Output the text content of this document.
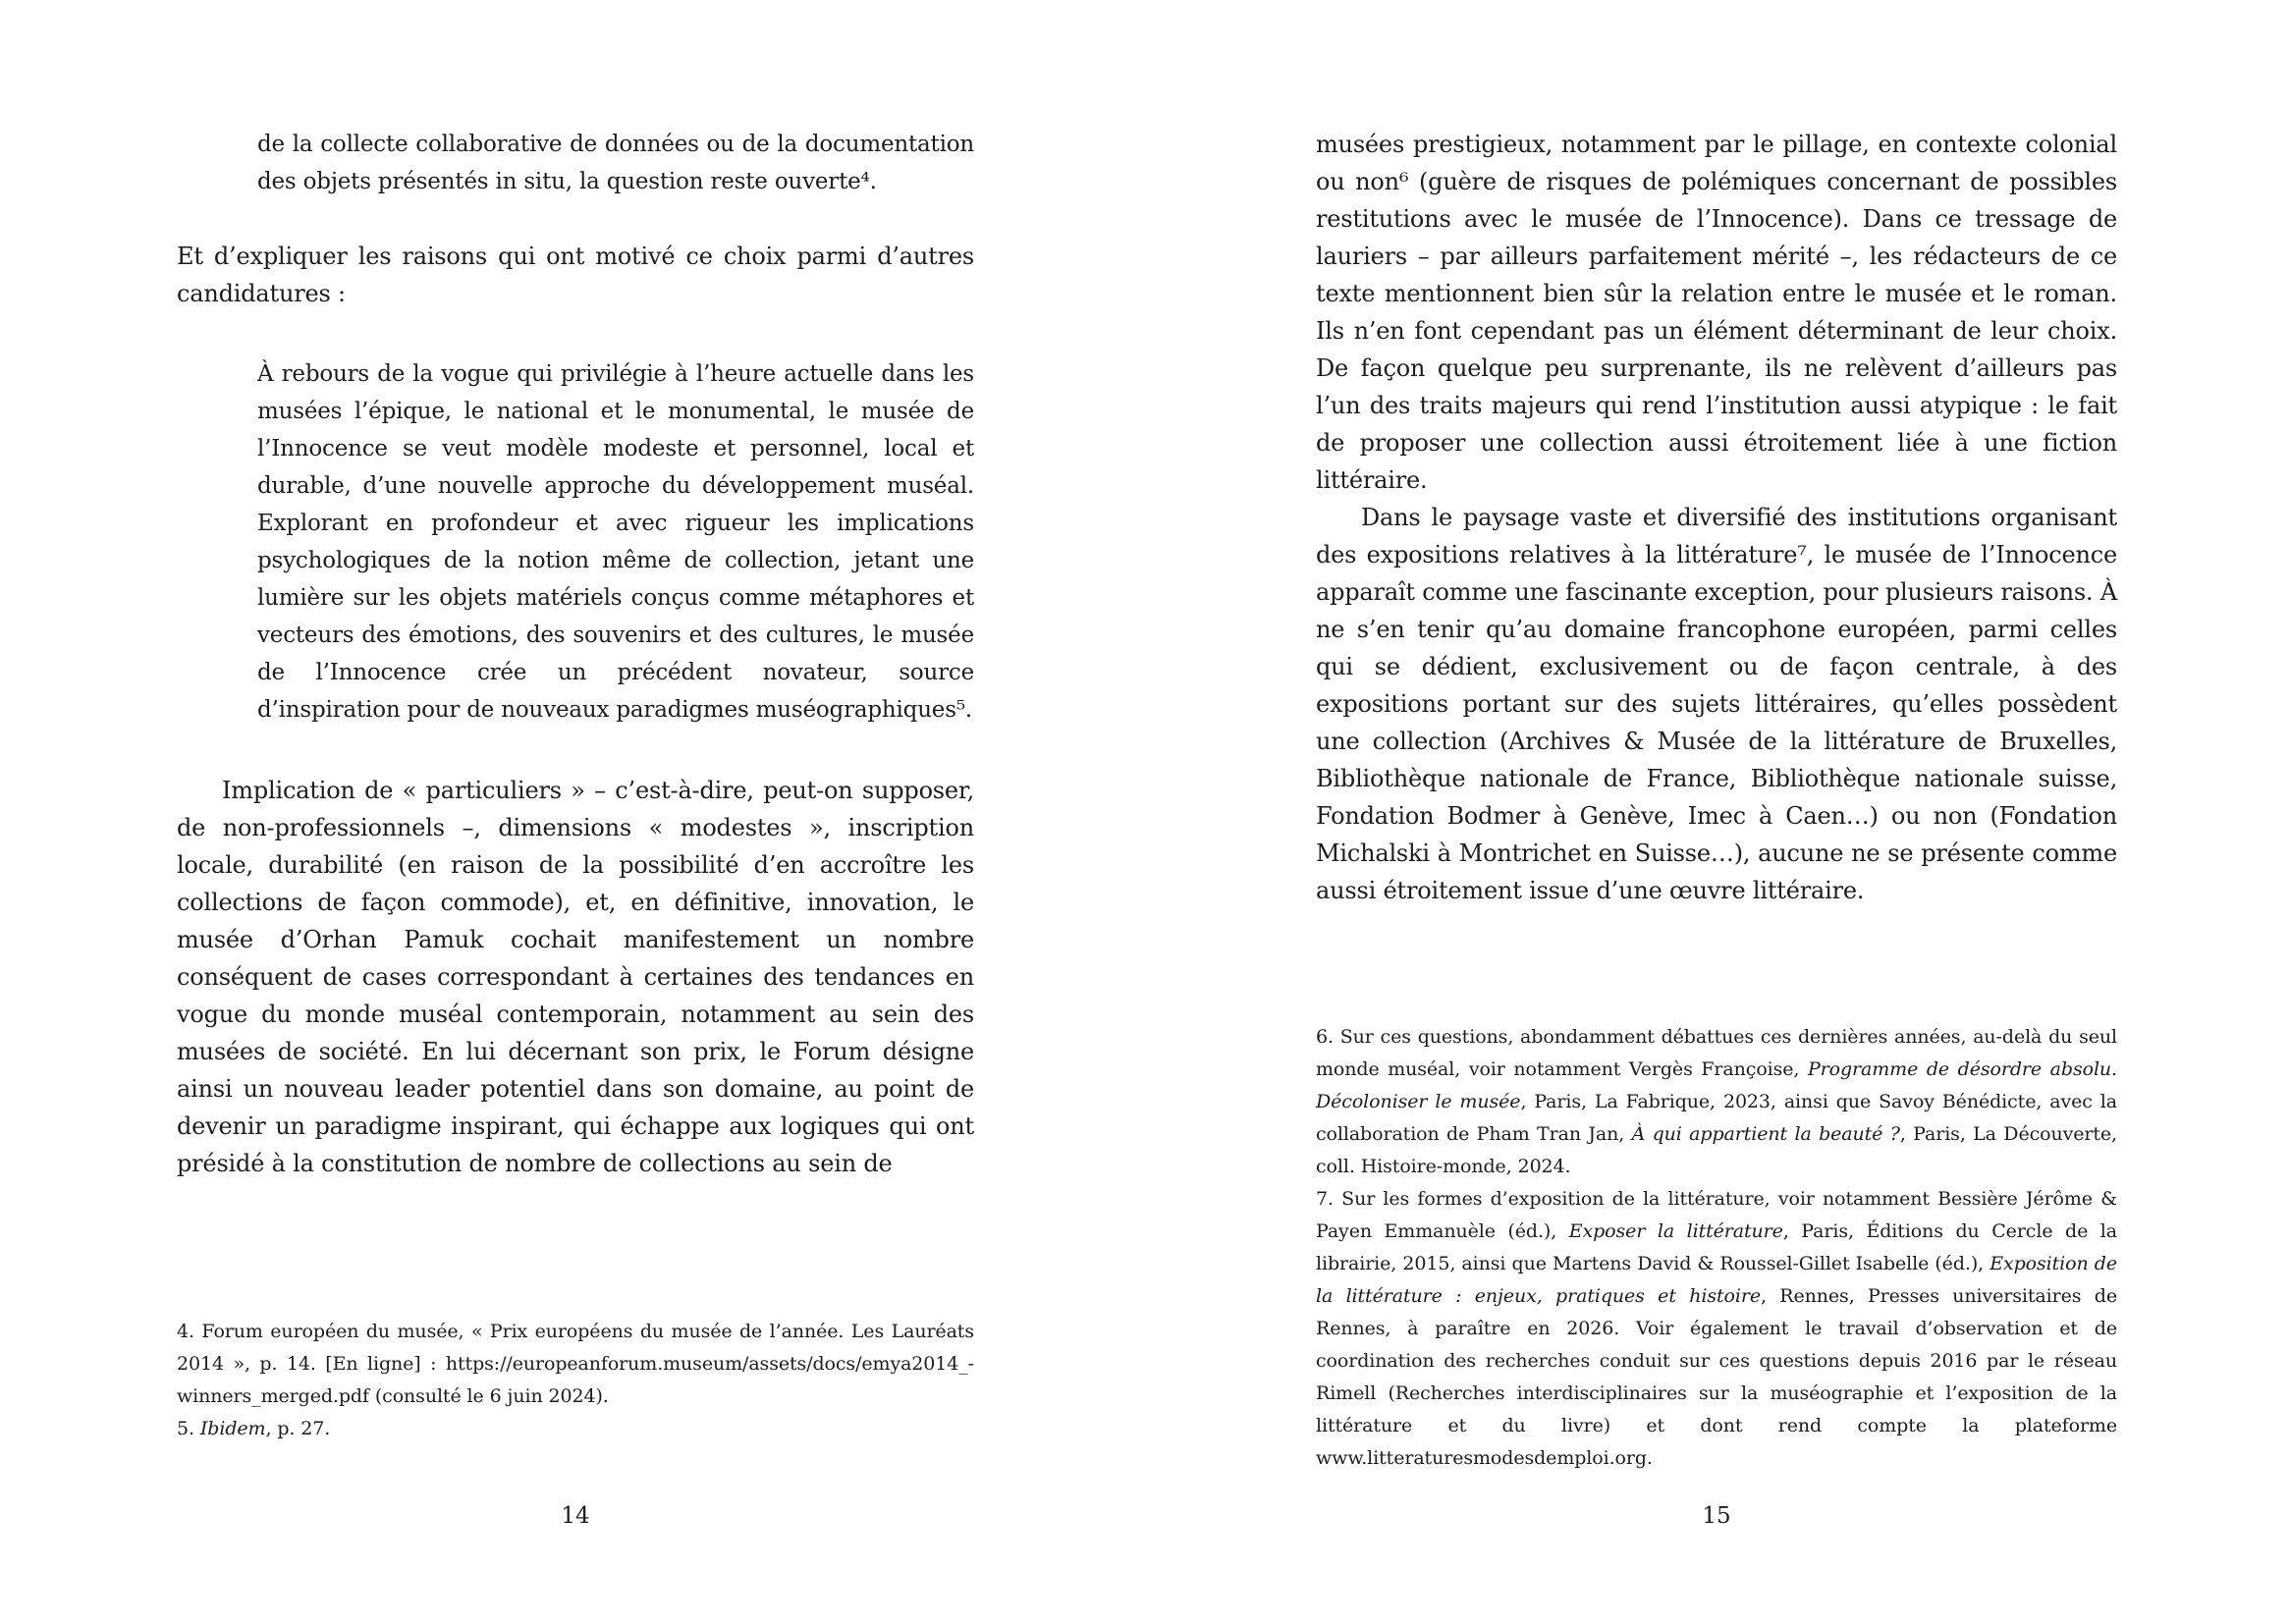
de la collecte collaborative de données ou de la documentation des objets présentés in situ, la question reste ouverte⁴.

Et d’expliquer les raisons qui ont motivé ce choix parmi d’autres candidatures :

À rebours de la vogue qui privilégie à l’heure actuelle dans les musées l’épique, le national et le monumental, le musée de l’Innocence se veut modèle modeste et personnel, local et durable, d’une nouvelle approche du développement muséal. Explorant en profondeur et avec rigueur les implications psychologiques de la notion même de collection, jetant une lumière sur les objets matériels conçus comme métaphores et vecteurs des émotions, des souvenirs et des cultures, le musée de l’Innocence crée un précédent novateur, source d’inspiration pour de nouveaux paradigmes muséographiques⁵.

Implication de « particuliers » – c’est-à-dire, peut-on supposer, de non-professionnels –, dimensions « modestes », inscription locale, durabilité (en raison de la possibilité d’en accroître les collections de façon commode), et, en définitive, innovation, le musée d’Orhan Pamuk cochait manifestement un nombre conséquent de cases correspondant à certaines des tendances en vogue du monde muséal contemporain, notamment au sein des musées de société. En lui décernant son prix, le Forum désigne ainsi un nouveau leader potentiel dans son domaine, au point de devenir un paradigme inspirant, qui échappe aux logiques qui ont présidé à la constitution de nombre de collections au sein de

4. Forum européen du musée, « Prix européens du musée de l’année. Les Lauréats 2014 », p. 14. [En ligne] : https://europeanforum.museum/assets/docs/emya2014_-winners_merged.pdf (consulté le 6 juin 2024).

5. Ibidem, p. 27.

14

musées prestigieux, notamment par le pillage, en contexte colonial ou non⁶ (guère de risques de polémiques concernant de possibles restitutions avec le musée de l’Innocence). Dans ce tressage de lauriers – par ailleurs parfaitement mérité –, les rédacteurs de ce texte mentionnent bien sûr la relation entre le musée et le roman. Ils n’en font cependant pas un élément déterminant de leur choix. De façon quelque peu surprenante, ils ne relèvent d’ailleurs pas l’un des traits majeurs qui rend l’institution aussi atypique : le fait de proposer une collection aussi étroitement liée à une fiction littéraire.

Dans le paysage vaste et diversifié des institutions organisant des expositions relatives à la littérature⁷, le musée de l’Innocence apparaît comme une fascinante exception, pour plusieurs raisons. À ne s’en tenir qu’au domaine francophone européen, parmi celles qui se dédient, exclusivement ou de façon centrale, à des expositions portant sur des sujets littéraires, qu’elles possèdent une collection (Archives & Musée de la littérature de Bruxelles, Bibliothèque nationale de France, Bibliothèque nationale suisse, Fondation Bodmer à Genève, Imec à Caen…) ou non (Fondation Michalski à Montrichet en Suisse…), aucune ne se présente comme aussi étroitement issue d’une œuvre littéraire.

6. Sur ces questions, abondamment débattues ces dernières années, au-delà du seul monde muséal, voir notamment Vergès Françoise, Programme de désordre absolu. Décoloniser le musée, Paris, La Fabrique, 2023, ainsi que Savoy Bénédicte, avec la collaboration de Pham Tran Jan, À qui appartient la beauté ?, Paris, La Découverte, coll. Histoire-monde, 2024.

7. Sur les formes d’exposition de la littérature, voir notamment Bessière Jérôme & Payen Emmanuèle (éd.), Exposer la littérature, Paris, Éditions du Cercle de la librairie, 2015, ainsi que Martens David & Roussel-Gillet Isabelle (éd.), Exposition de la littérature : enjeux, pratiques et histoire, Rennes, Presses universitaires de Rennes, à paraître en 2026. Voir également le travail d’observation et de coordination des recherches conduit sur ces questions depuis 2016 par le réseau Rimell (Recherches interdisciplinaires sur la muséographie et l’exposition de la littérature et du livre) et dont rend compte la plateforme www.litteraturesmodesdemploi.org.

15
